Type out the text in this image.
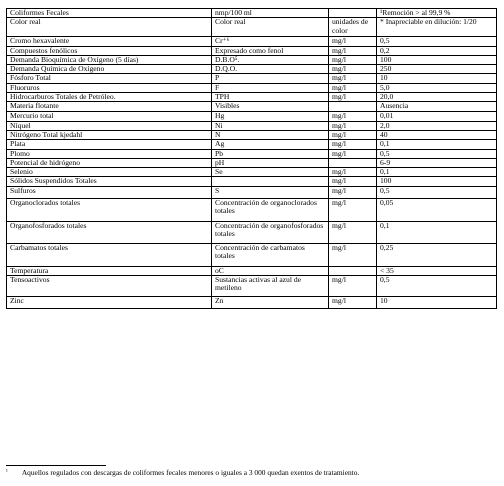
Coliformes Fecales	nmp/100 ml		¹Remoción > al 99,9 %
Color real	Color real	unidades de color	* Inapreciable en dilución: 1/20
Cromo hexavalente	Cr⁺⁶	mg/l	0,5
Compuestos fenólicos	Expresado como fenol	mg/l	0,2
Demanda Bioquímica de Oxígeno (5 días)	D.B.O⁵.	mg/l	100
Demanda Química de Oxígeno	D.Q.O.	mg/l	250
Fósforo Total	P	mg/l	10
Fluoruros	F	mg/l	5,0
Hidrocarburos Totales de Petróleo.	TPH	mg/l	20,0
Materia flotante	Visibles		Ausencia
Mercurio total	Hg	mg/l	0,01
Níquel	Ni	mg/l	2,0
Nitrógeno Total kjedahl	N	mg/l	40
Plata	Ag	mg/l	0,1
Plomo	Pb	mg/l	0,5
Potencial de hidrógeno	pH		6-9
Selenio	Se	mg/l	0,1
Sólidos Suspendidos Totales		mg/l	100
Sulfuros	S	mg/l	0,5
Organoclorados totales	Concentración de organoclorados totales	mg/l	0,05
Organofosforados totales	Concentración de organofosforados totales	mg/l	0,1
Carbamatos totales	Concentración de carbamatos totales	mg/l	0,25
Temperatura	oC		< 35
Tensoactivos	Sustancias activas al azul de metileno	mg/l	0,5
Zinc	Zn	mg/l	10
$^{^1}$ Aquellos regulados con descargas de coliformes fecales menores o iguales a 3 000 quedan exentos de tratamiento.
